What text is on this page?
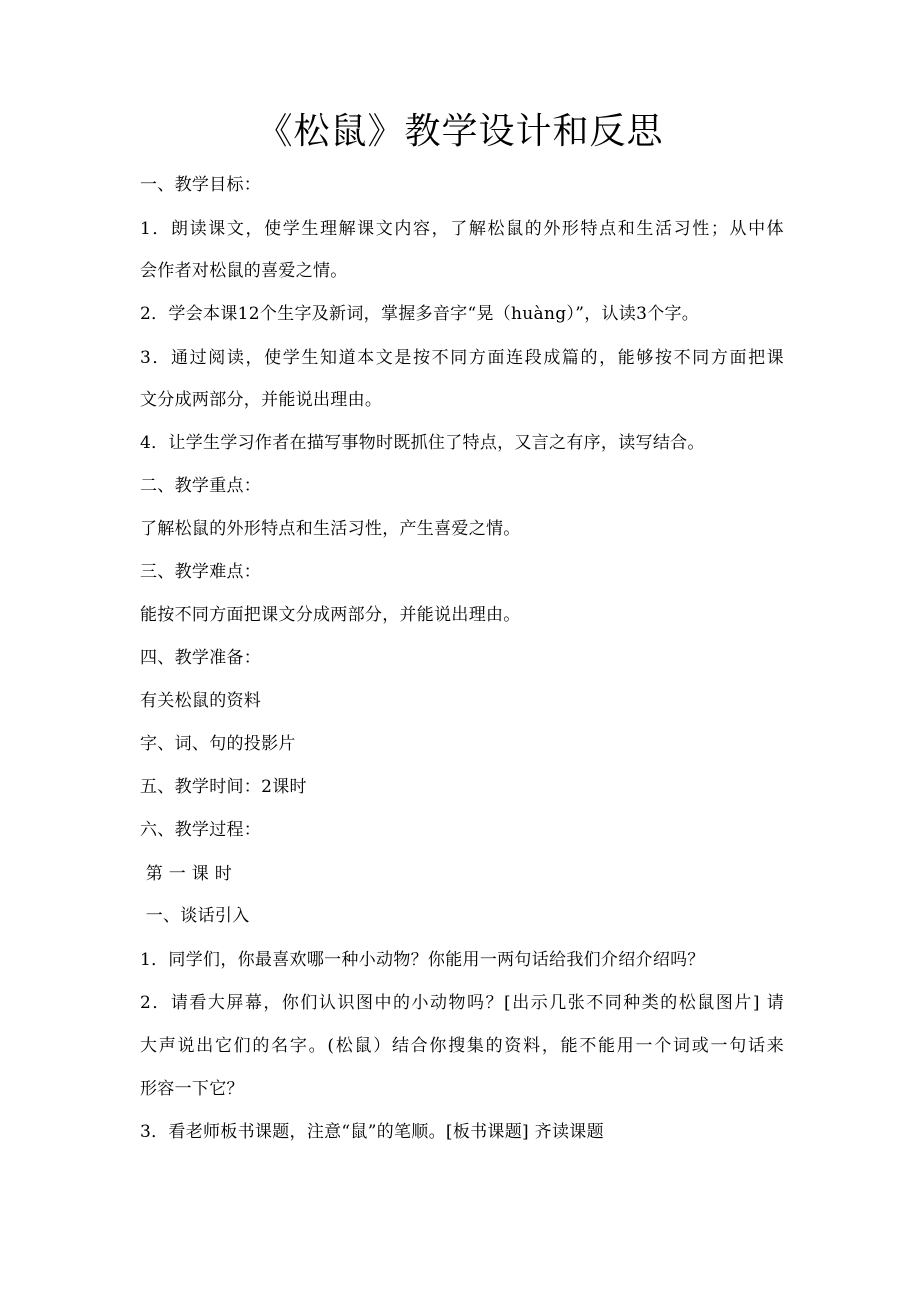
《松鼠》教学设计和反思
一、教学目标：
1．朗读课文，使学生理解课文内容，了解松鼠的外形特点和生活习性；从中体
会作者对松鼠的喜爱之情。
2．学会本课12个生字及新词，掌握多音字“晃（huàng）”，认读3个字。
3．通过阅读，使学生知道本文是按不同方面连段成篇的，能够按不同方面把课
文分成两部分，并能说出理由。
4．让学生学习作者在描写事物时既抓住了特点，又言之有序，读写结合。
二、教学重点：
了解松鼠的外形特点和生活习性，产生喜爱之情。
三、教学难点：
能按不同方面把课文分成两部分，并能说出理由。
四、教学准备：
有关松鼠的资料
字、词、句的投影片
五、教学时间：2课时
六、教学过程：
第 一 课 时
一、谈话引入
1．同学们，你最喜欢哪一种小动物？你能用一两句话给我们介绍介绍吗？
2．请看大屏幕，你们认识图中的小动物吗？[出示几张不同种类的松鼠图片] 请
大声说出它们的名字。(松鼠）结合你搜集的资料，能不能用一个词或一句话来
形容一下它？
3．看老师板书课题，注意“鼠”的笔顺。[板书课题] 齐读课题
